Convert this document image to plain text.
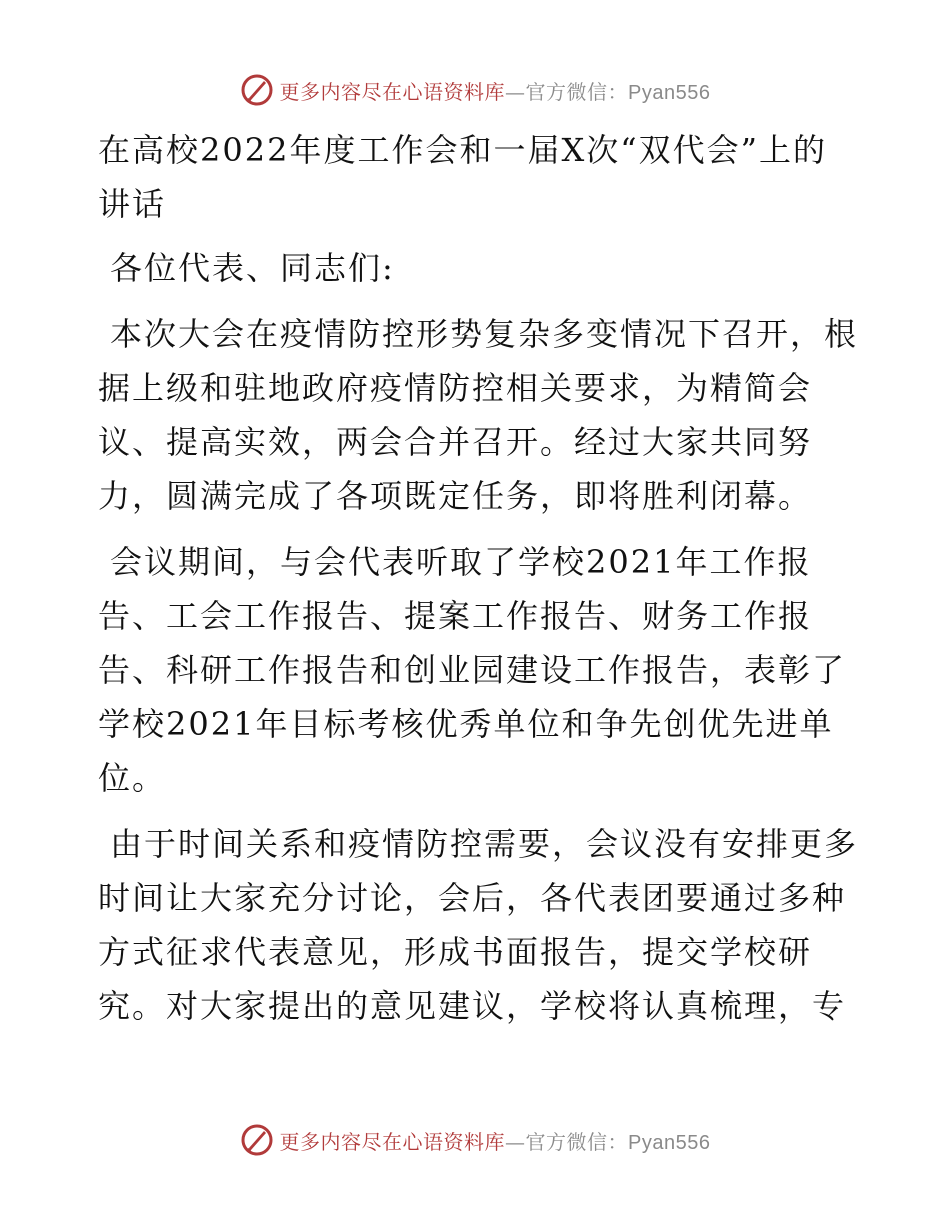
更多内容尽在心语资料库—官方微信：Pyan556

在高校2022年度工作会和一届X次“双代会”上的讲话

各位代表、同志们:

本次大会在疫情防控形势复杂多变情况下召开，根据上级和驻地政府疫情防控相关要求，为精简会议、提高实效，两会合并召开。经过大家共同努力，圆满完成了各项既定任务，即将胜利闭幕。

会议期间，与会代表听取了学校2021年工作报告、工会工作报告、提案工作报告、财务工作报告、科研工作报告和创业园建设工作报告，表彰了学校2021年目标考核优秀单位和争先创优先进单位。

由于时间关系和疫情防控需要，会议没有安排更多时间让大家充分讨论，会后，各代表团要通过多种方式征求代表意见，形成书面报告，提交学校研究。对大家提出的意见建议，学校将认真梳理，专

更多内容尽在心语资料库—官方微信：Pyan556
